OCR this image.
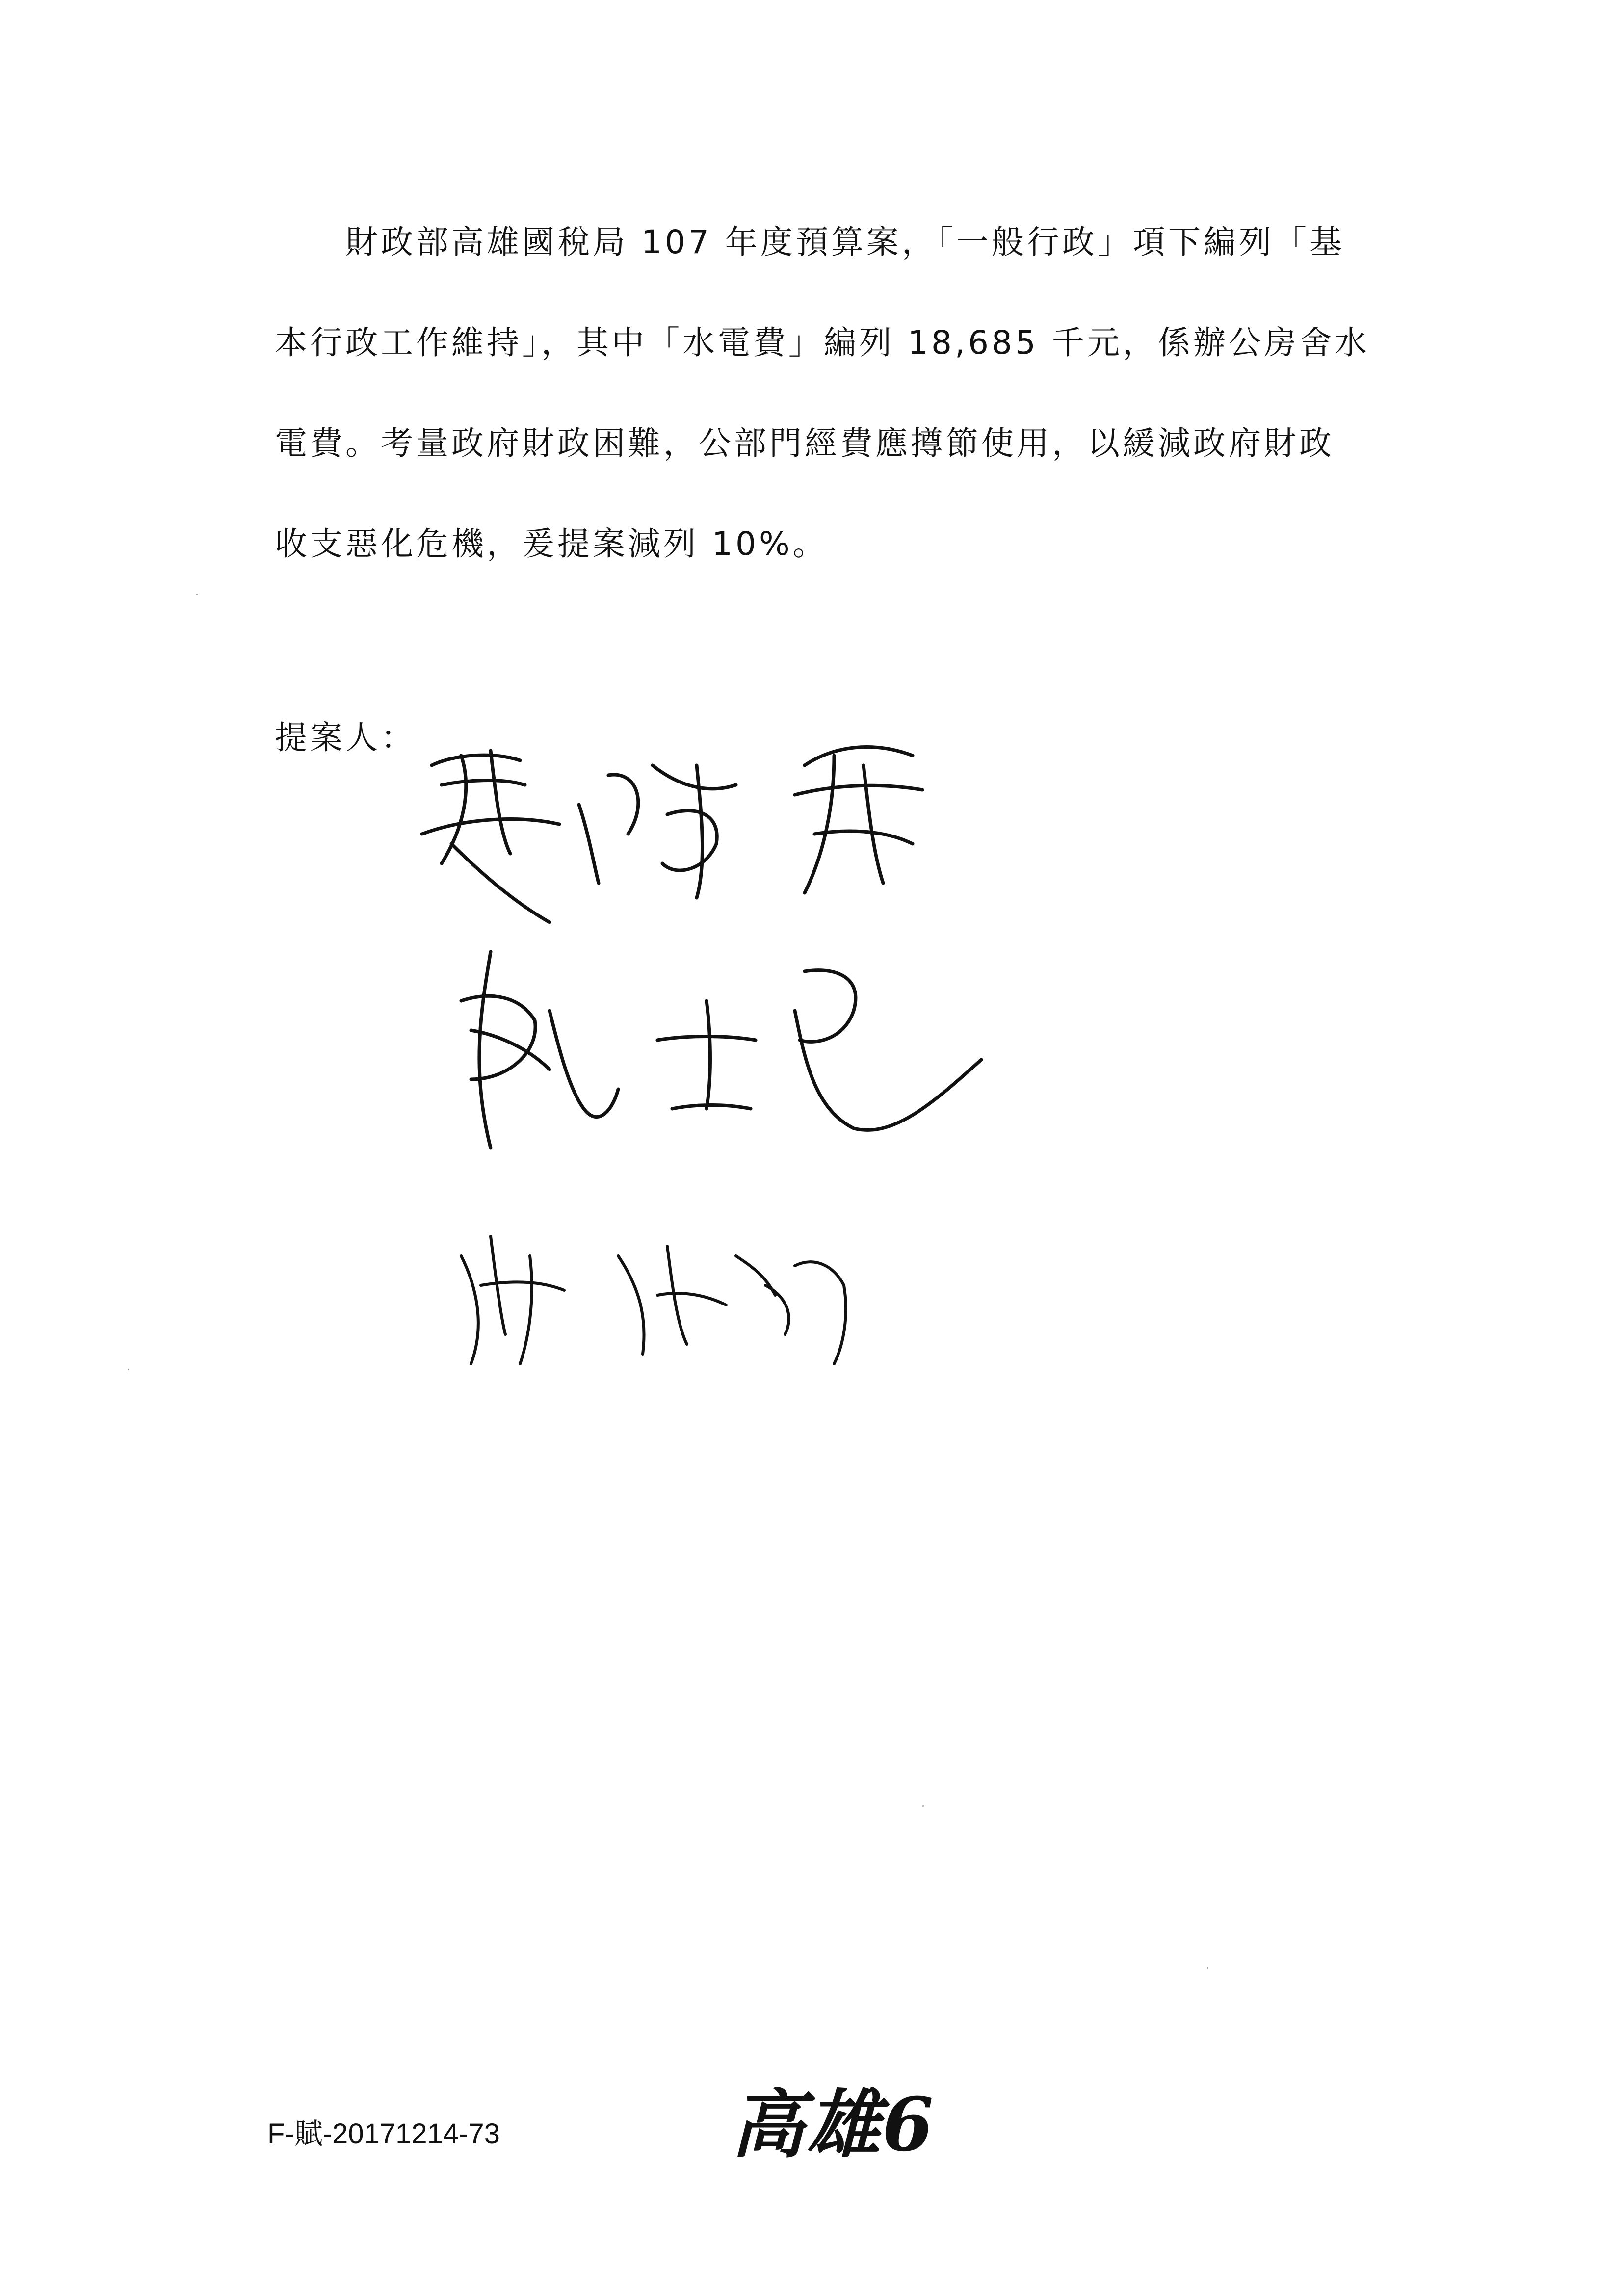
　　財政部高雄國稅局 107 年度預算案，「一般行政」項下編列「基
本行政工作維持」，其中「水電費」編列 18,685 千元，係辦公房舍水
電費。考量政府財政困難，公部門經費應撙節使用，以緩減政府財政
收支惡化危機，爰提案減列 10%。
提案人：
F-賦-20171214-73	高雄6
